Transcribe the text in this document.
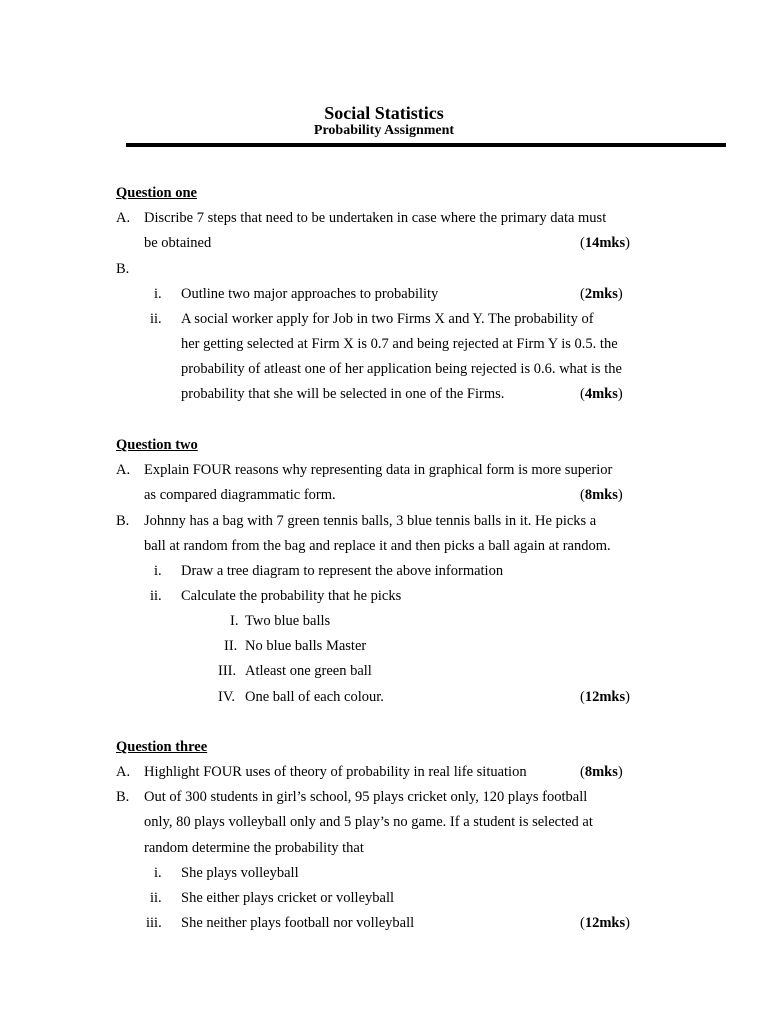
Social Statistics
Probability Assignment
Question one
A. Discribe 7 steps that need to be undertaken in case where the primary data must
be obtained
B.
i. Outline two major approaches to probability
ii. A social worker apply for Job in two Firms X and Y. The probability of
her getting selected at Firm X is 0.7 and being rejected at Firm Y is 0.5. the
probability of atleast one of her application being rejected is 0.6. what is the
probability that she will be selected in one of the Firms.
Question two
A. Explain FOUR reasons why representing data in graphical form is more superior
as compared diagrammatic form.
B. Johnny has a bag with 7 green tennis balls, 3 blue tennis balls in it. He picks a
ball at random from the bag and replace it and then picks a ball again at random.
i. Draw a tree diagram to represent the above information
ii. Calculate the probability that he picks
I. Two blue balls
II. No blue balls Master
III. Atleast one green ball
IV. One ball of each colour.
Question three
A. Highlight FOUR uses of theory of probability in real life situation
B. Out of 300 students in girl’s school, 95 plays cricket only, 120 plays football
only, 80 plays volleyball only and 5 play’s no game. If a student is selected at
random determine the probability that
i. She plays volleyball
ii. She either plays cricket or volleyball
iii. She neither plays football nor volleyball
(14mks)
(2mks)
(4mks)
(8mks)
(12mks)
(8mks)
(12mks)
